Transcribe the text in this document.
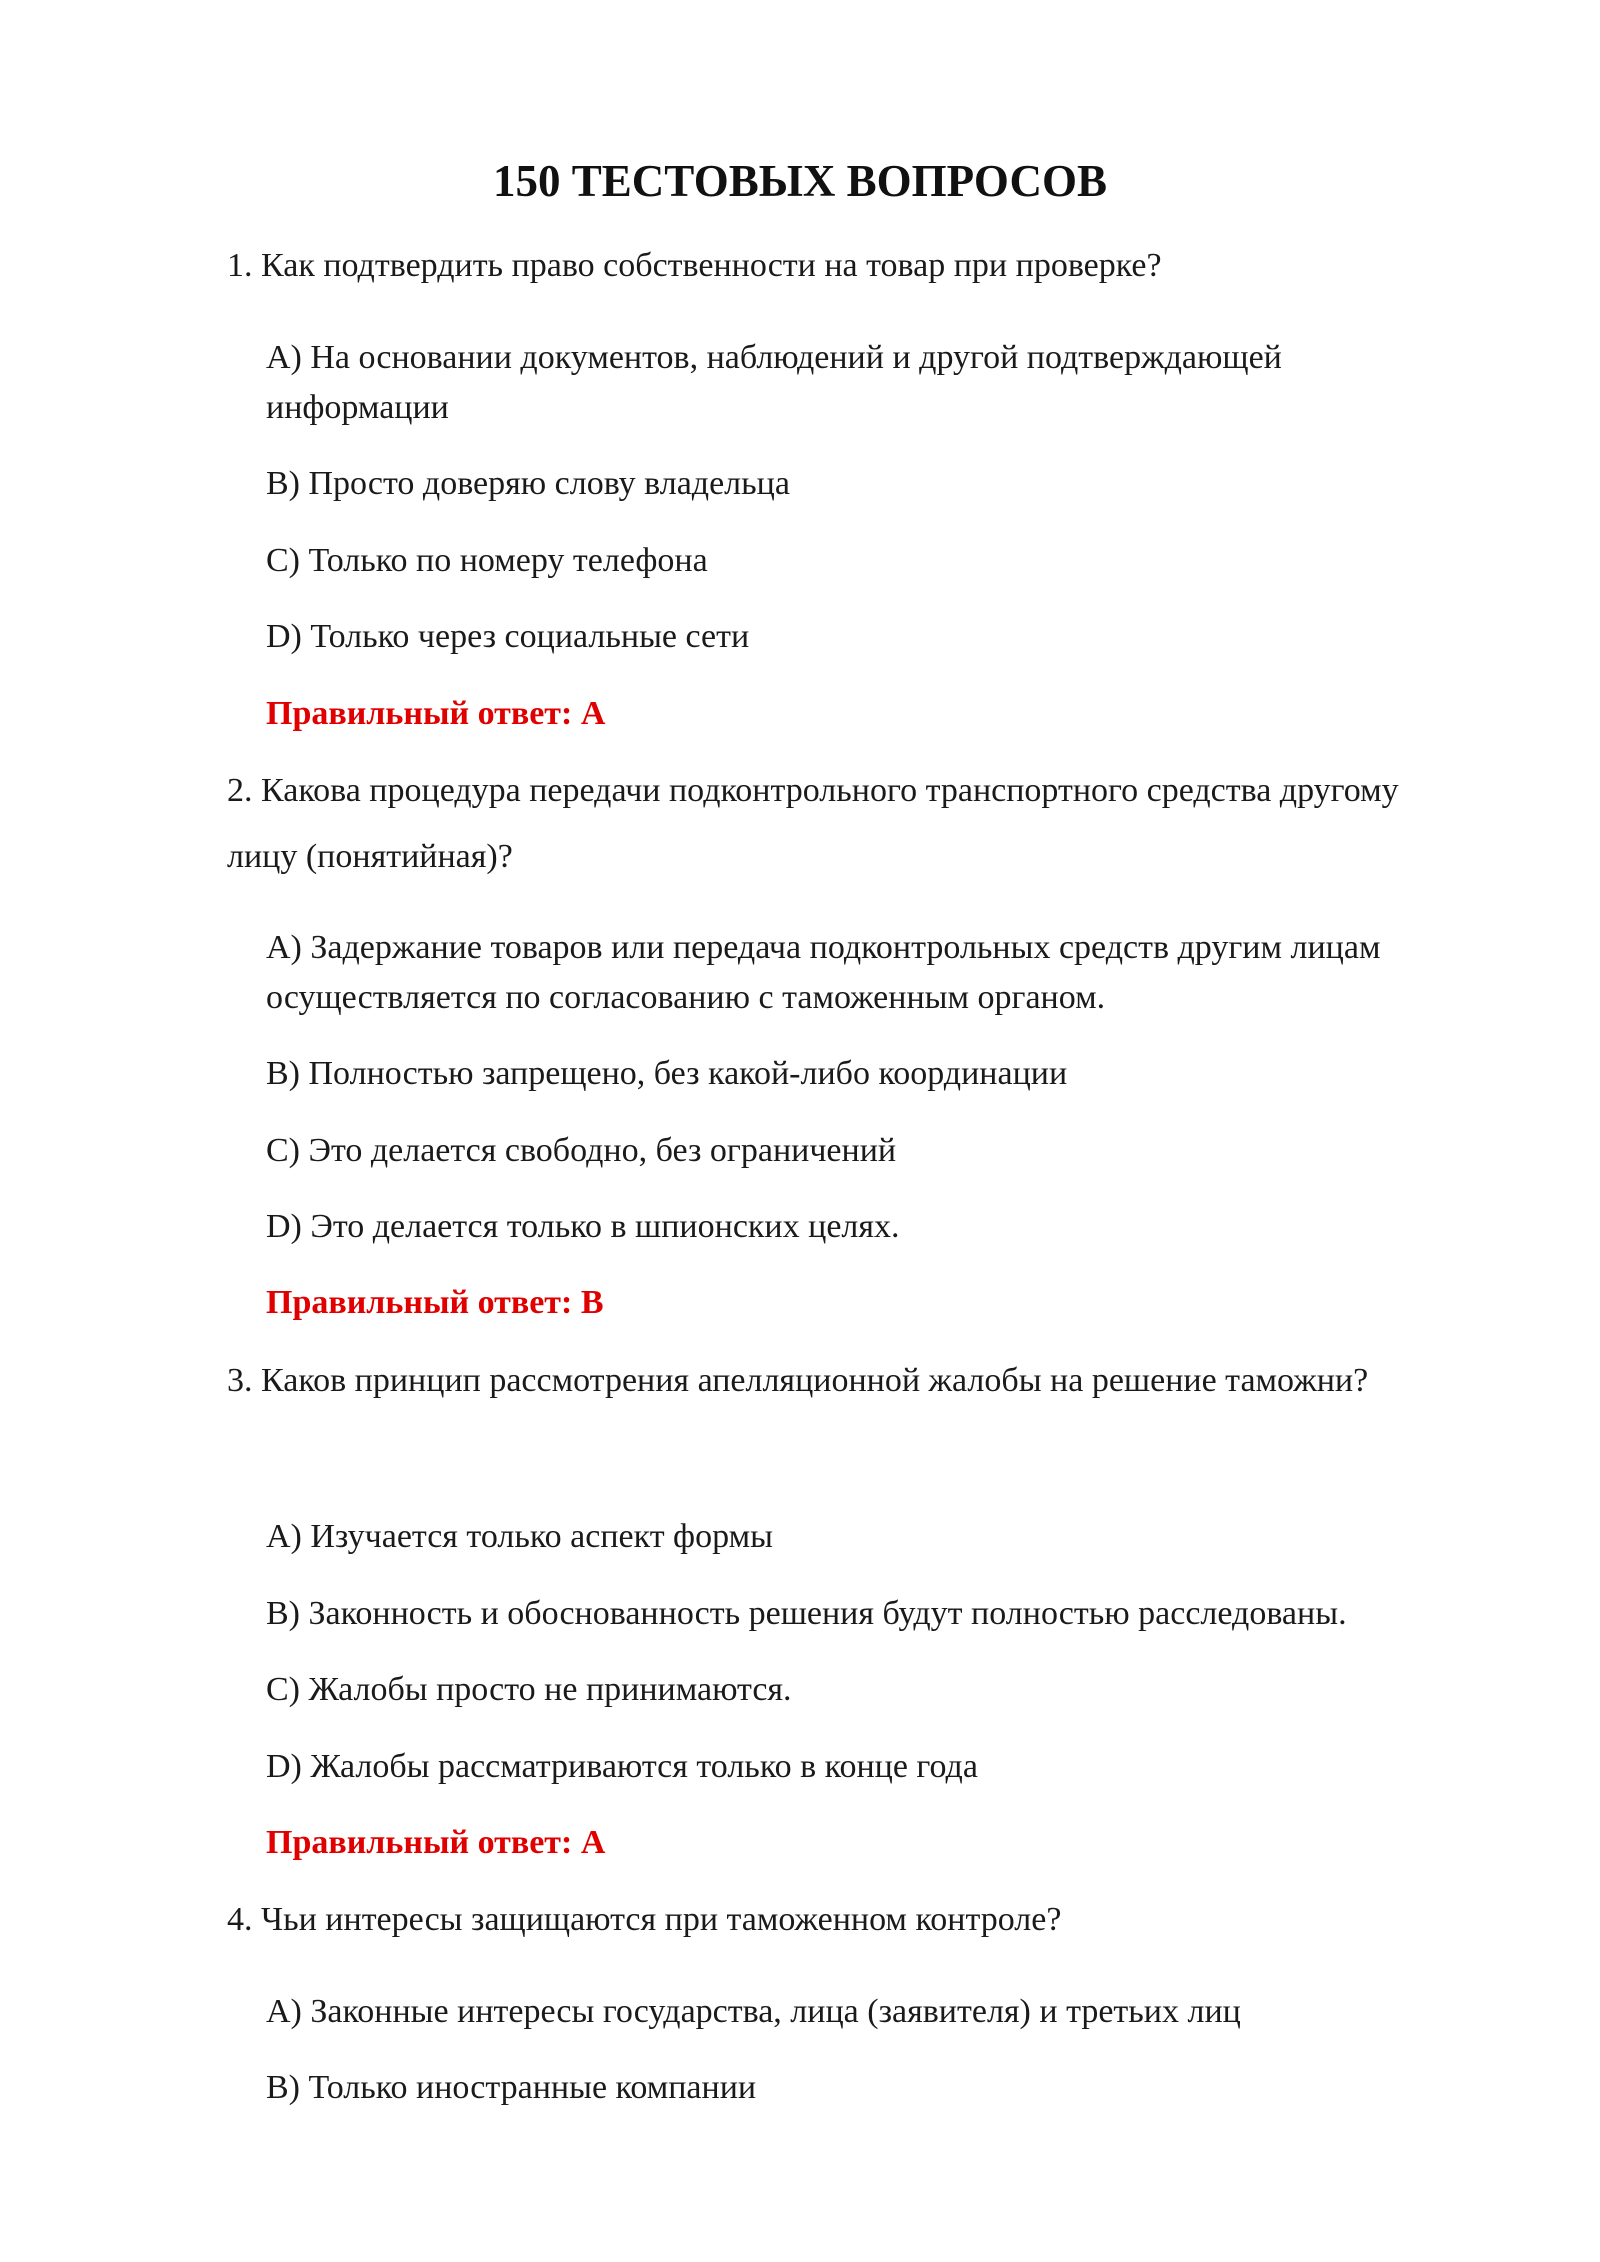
150 ТЕСТОВЫХ ВОПРОСОВ
1. Как подтвердить право собственности на товар при проверке?
A) На основании документов, наблюдений и другой подтверждающей информации
B) Просто доверяю слову владельца
C) Только по номеру телефона
D) Только через социальные сети
Правильный ответ: A
2. Какова процедура передачи подконтрольного транспортного средства другому лицу (понятийная)?
A) Задержание товаров или передача подконтрольных средств другим лицам осуществляется по согласованию с таможенным органом.
B) Полностью запрещено, без какой-либо координации
C) Это делается свободно, без ограничений
D) Это делается только в шпионских целях.
Правильный ответ: B
3. Каков принцип рассмотрения апелляционной жалобы на решение таможни?
A) Изучается только аспект формы
B) Законность и обоснованность решения будут полностью расследованы.
C) Жалобы просто не принимаются.
D) Жалобы рассматриваются только в конце года
Правильный ответ: A
4. Чьи интересы защищаются при таможенном контроле?
A) Законные интересы государства, лица (заявителя) и третьих лиц
B) Только иностранные компании
